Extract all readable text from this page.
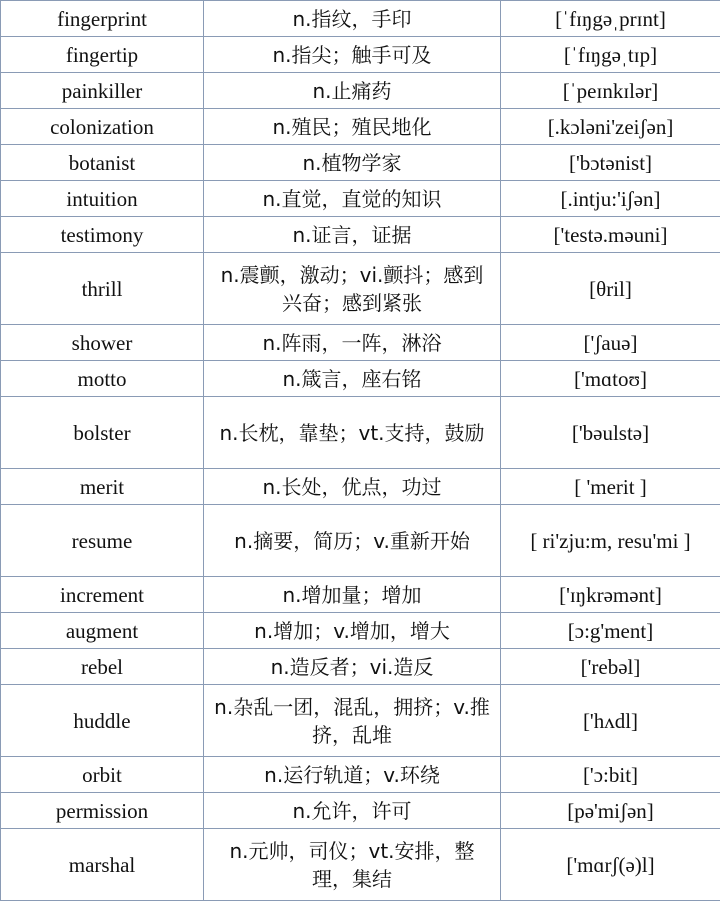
fingerprint	n.指纹，手印	[ˈfɪŋgəˌprɪnt]
fingertip	n.指尖；触手可及	[ˈfɪŋgəˌtɪp]
painkiller	n.止痛药	[ˈpeɪnkɪlər]
colonization	n.殖民；殖民地化	[.kɔləni'zeiʃən]
botanist	n.植物学家	['bɔtənist]
intuition	n.直觉，直觉的知识	[.intju:'iʃən]
testimony	n.证言，证据	['testə.məuni]
thrill	n.震颤，激动；vi.颤抖；感到兴奋；感到紧张	[θril]
shower	n.阵雨，一阵，淋浴	['ʃauə]
motto	n.箴言，座右铭	['mɑtoʊ]
bolster	n.长枕，靠垫；vt.支持，鼓励	['bəulstə]
merit	n.长处，优点，功过	[ 'merit ]
resume	n.摘要，简历；v.重新开始	[ ri'zju:m, resu'mi ]
increment	n.增加量；增加	['ɪŋkrəmənt]
augment	n.增加；v.增加，增大	[ɔ:g'ment]
rebel	n.造反者；vi.造反	['rebəl]
huddle	n.杂乱一团，混乱，拥挤；v.推挤，乱堆	['hʌdl]
orbit	n.运行轨道；v.环绕	['ɔ:bit]
permission	n.允许，许可	[pə'miʃən]
marshal	n.元帅，司仪；vt.安排，整理，集结	['mɑrʃ(ə)l]
